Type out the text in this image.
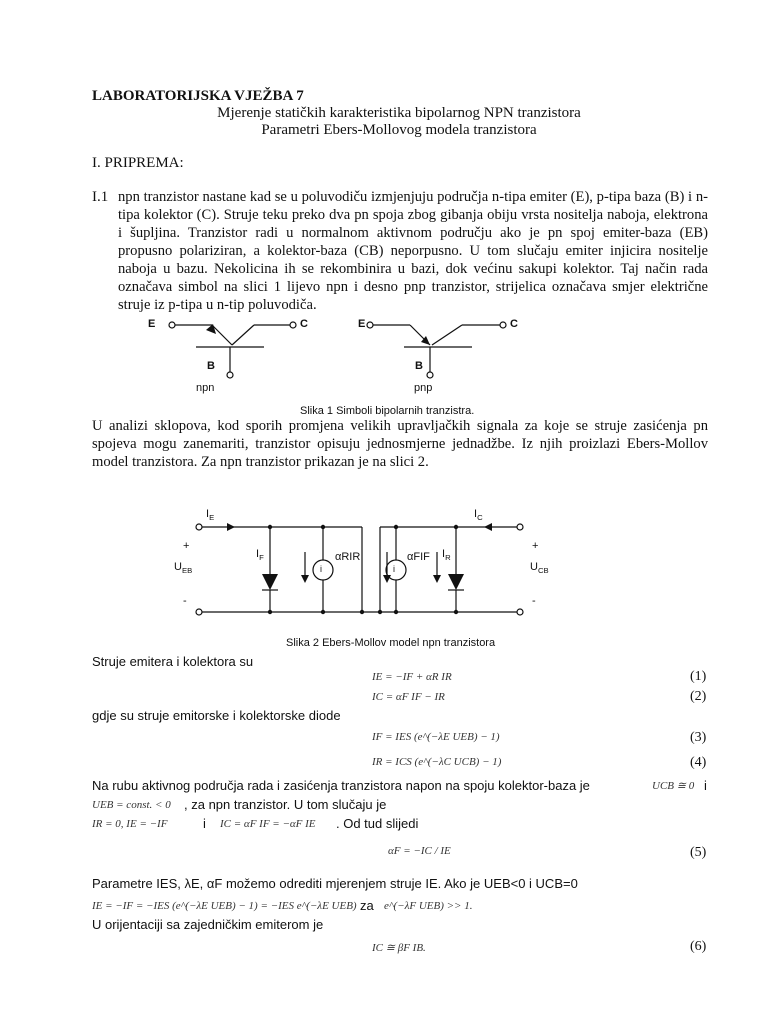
LABORATORIJSKA VJEŽBA 7
Mjerenje statičkih karakteristika bipolarnog NPN tranzistora
Parametri Ebers-Mollovog modela tranzistora
I. PRIPREMA:
I.1 npn tranzistor nastane kad se u poluvodiču izmjenjuju područja n-tipa emiter (E), p-tipa baza (B) i n-tipa kolektor (C). Struje teku preko dva pn spoja zbog gibanja obiju vrsta nositelja naboja, elektrona i šupljina. Tranzistor radi u normalnom aktivnom području ako je pn spoj emiter-baza (EB) propusno polariziran, a kolektor-baza (CB) neporpusno. U tom slučaju emiter injicira nositelje naboja u bazu. Nekolicina ih se rekombinira u bazi, dok većinu sakupi kolektor. Taj način rada označava simbol na slici 1 lijevo npn i desno pnp tranzistor, strijelica označava smjer električne struje iz p-tipa u n-tip poluvodiča.
E	C
B
npn
E	C
B
pnp
Slika 1 Simboli bipolarnih tranzistra.
U analizi sklopova, kod sporih promjena velikih upravljačkih signala za koje se struje zasićenja pn spojeva mogu zanemariti, tranzistor opisuju jednosmjerne jednadžbe. Iz njih proizlazi Ebers-Mollov model tranzistora. Za npn tranzistor prikazan je na slici 2.
$I_E$	$I_C$
$I_F$	$I_R$
αRIR	αFIF
i	i
+
$U_{EB}$
-
+
$U_{CB}$
-
Slika 2 Ebers-Mollov model npn tranzistora
Struje emitera i kolektora su
IE = −IF + αR IR	(1)
IC = αF IF − IR	(2)
gdje su struje emitorske i kolektorske diode
IF = IES (e^(−λE UEB) − 1)	(3)
IR = ICS (e^(−λC UCB) − 1)	(4)
Na rubu aktivnog područja rada i zasićenja tranzistora napon na spoju kolektor-baza je	UCB ≅ 0 i
UEB = const. < 0 , za npn tranzistor. U tom slučaju je
IR = 0, IE = −IF	i IC = αF IF = −αF IE . Od tud slijedi
αF = −IC / IE	(5)
Parametre IES, λE, αF možemo odrediti mjerenjem struje IE. Ako je UEB<0 i UCB=0
IE = −IF = −IES (e^(−λE UEB) − 1) = −IES e^(−λE UEB) za e^(−λF UEB) >> 1.
U orijentaciji sa zajedničkim emiterom je
IC ≅ βF IB.	(6)
